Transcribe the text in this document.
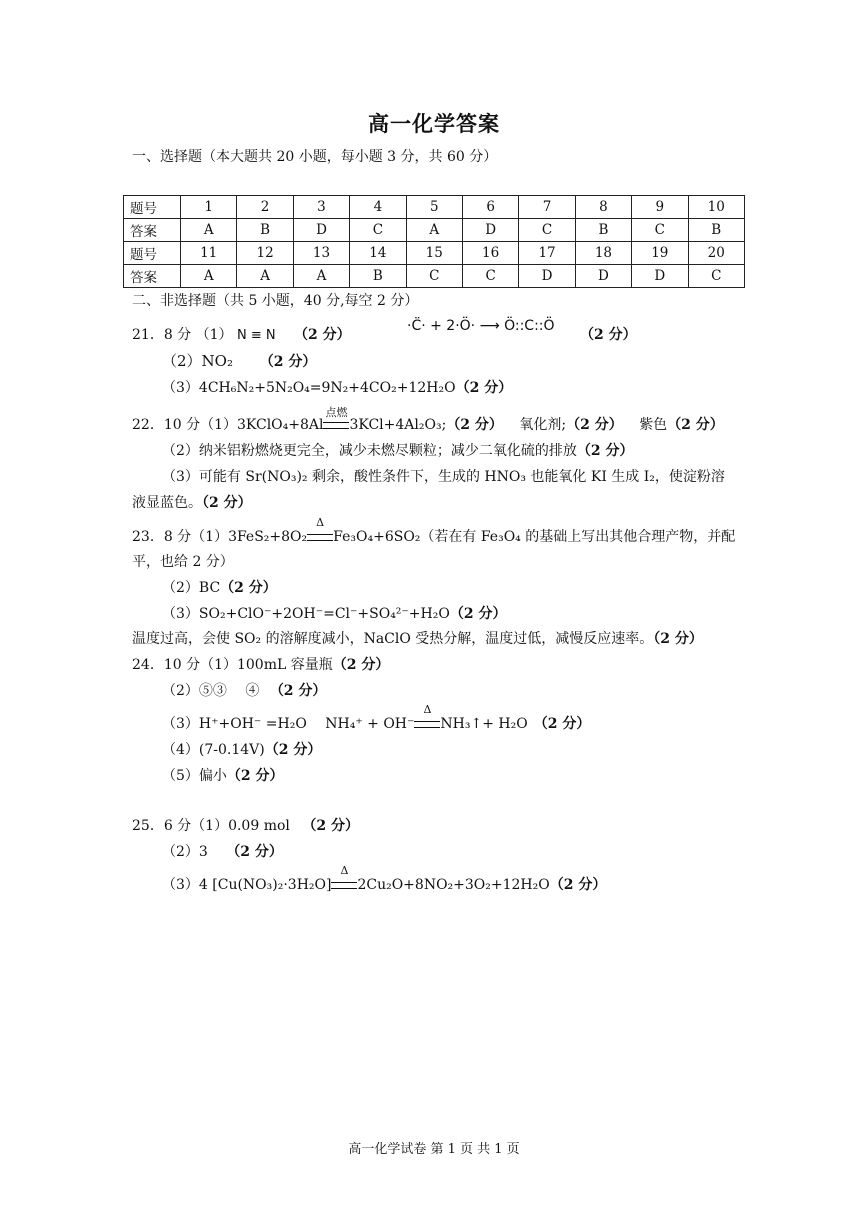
高一化学答案
一、选择题（本大题共 20 小题，每小题 3 分，共 60 分）
题号	1	2	3	4	5	6	7	8	9	10
答案	A	B	D	C	A	D	C	B	C	B
题号	11	12	13	14	15	16	17	18	19	20
答案	A	A	A	B	C	C	D	D	D	C
二、非选择题（共 5 小题，40 分,每空 2 分）
21．8 分 （1） N ≡ N （2 分）
·C̈· + 2·Ö· ⟶ Ö::C::Ö
（2 分）
（2）NO₂ （2 分）
（3）4CH₆N₂+5N₂O₄=9N₂+4CO₂+12H₂O（2 分）
22．10 分（1）3KClO₄+8Al
点燃
3KCl+4Al₂O₃;（2 分） 氧化剂;（2 分） 紫色（2 分）
（2）纳米铝粉燃烧更完全，减少未燃尽颗粒；减少二氧化硫的排放（2 分）
（3）可能有 Sr(NO₃)₂ 剩余，酸性条件下，生成的 HNO₃ 也能氧化 KI 生成 I₂，使淀粉溶
液显蓝色。（2 分）
23．8 分（1）3FeS₂+8O₂
Δ
Fe₃O₄+6SO₂（若在有 Fe₃O₄ 的基础上写出其他合理产物，并配
平，也给 2 分）
（2）BC（2 分）
（3）SO₂+ClO⁻+2OH⁻=Cl⁻+SO₄²⁻+H₂O（2 分）
温度过高，会使 SO₂ 的溶解度减小，NaClO 受热分解，温度过低，减慢反应速率。（2 分）
24．10 分（1）100mL 容量瓶（2 分）
（2）⑤③　 ④ （2 分）
（3）H⁺+OH⁻ =H₂O　 NH₄⁺ + OH⁻
Δ
NH₃↑+ H₂O （2 分）
（4）(7-0.14V)（2 分）
（5）偏小（2 分）
25．6 分（1）0.09 mol （2 分）
（2）3 （2 分）
（3）4 [Cu(NO₃)₂·3H₂O]
Δ
2Cu₂O+8NO₂+3O₂+12H₂O（2 分）
高一化学试卷 第 1 页 共 1 页
